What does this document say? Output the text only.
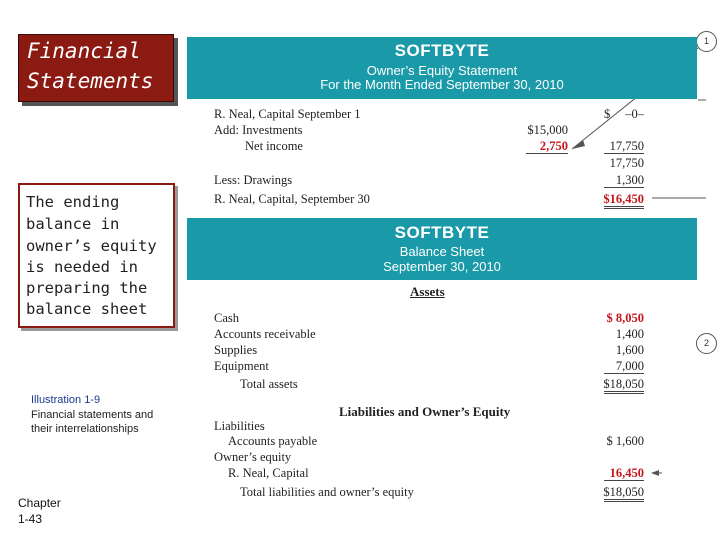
Financial
Statements
The ending
balance in
owner’s equity
is needed in
preparing the
balance sheet
Illustration 1-9
Financial statements and
their interrelationships
Chapter
1-43
1
2
SOFTBYTE
Owner’s Equity Statement
For the Month Ended September 30, 2010
R. Neal, Capital September 1	$ –0–
Add: Investments	$15,000
Net income	2,750	17,750
17,750
Less: Drawings	1,300
R. Neal, Capital, September 30	$16,450
SOFTBYTE
Balance Sheet
September 30, 2010
Assets
Cash	$ 8,050
Accounts receivable	1,400
Supplies	1,600
Equipment	7,000
Total assets	$18,050
Liabilities and Owner’s Equity
Liabilities
Accounts payable	$ 1,600
Owner’s equity
R. Neal, Capital	16,450
Total liabilities and owner’s equity	$18,050
